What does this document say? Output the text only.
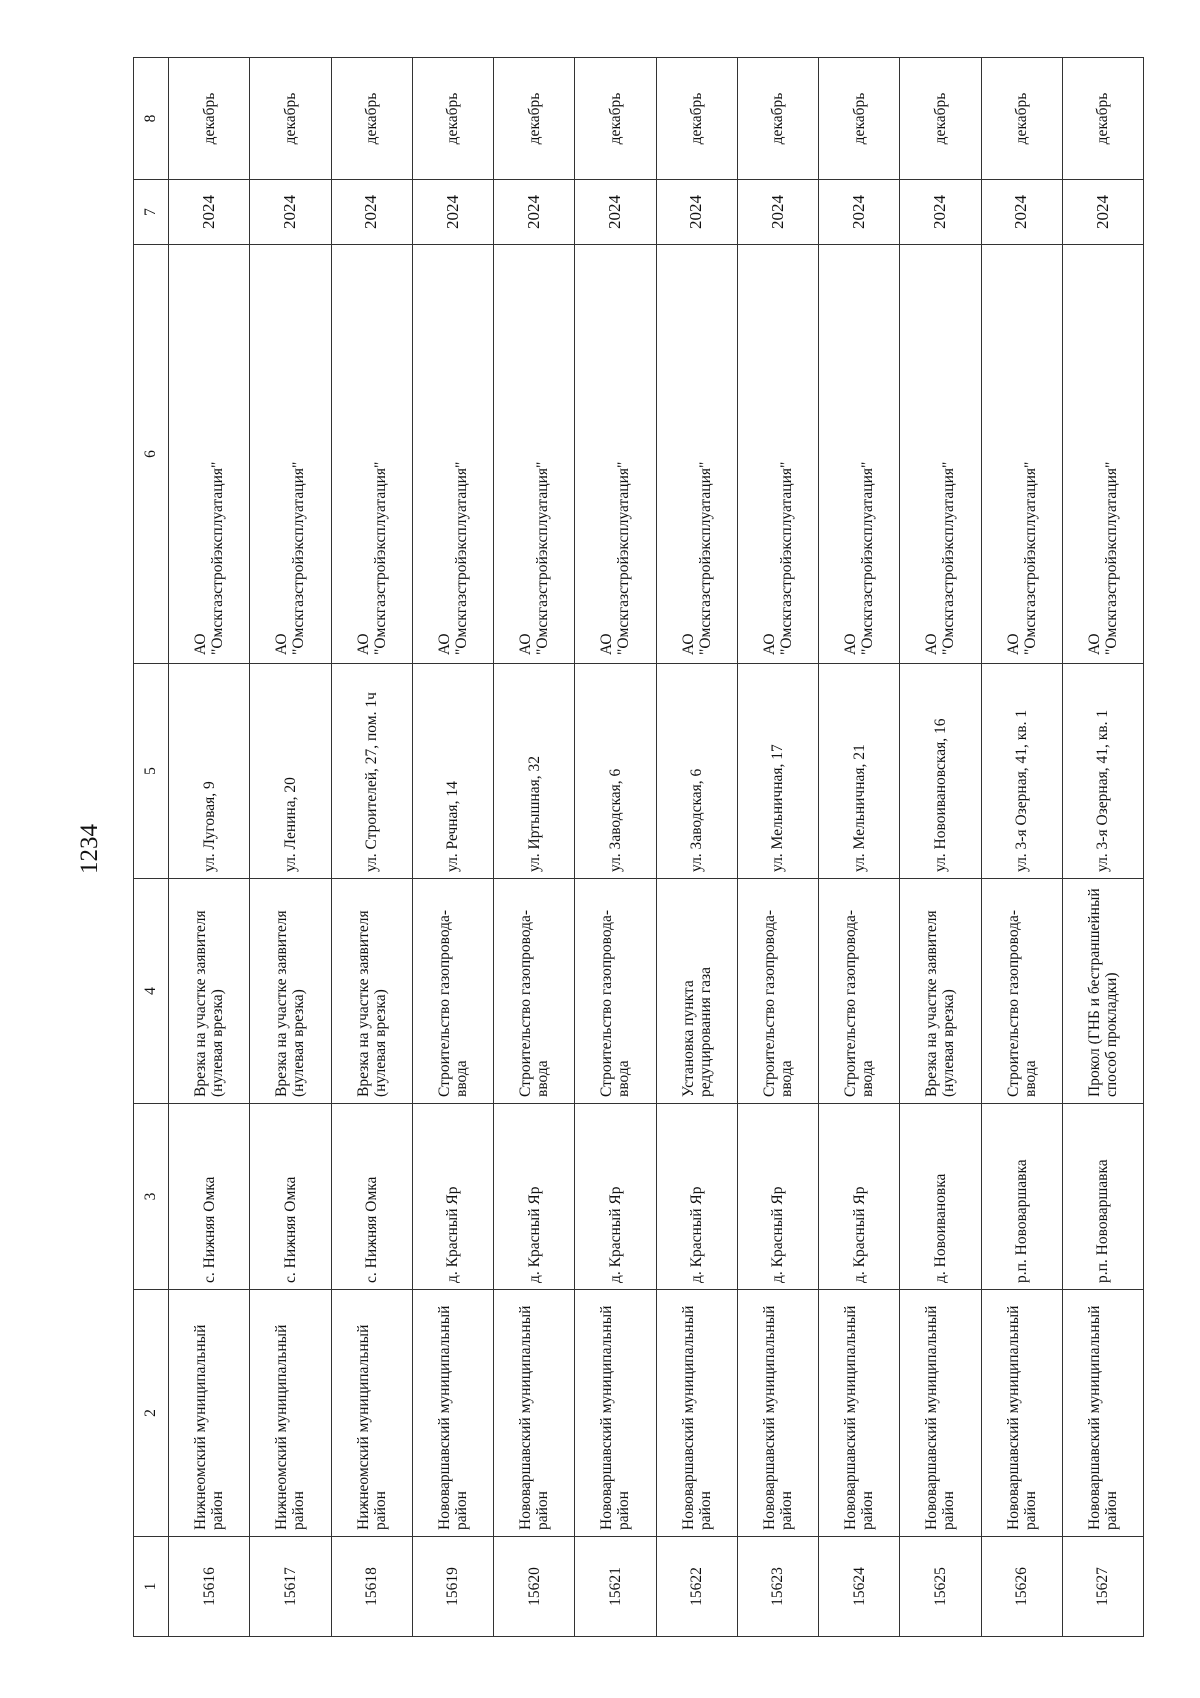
1234
1	2	3	4	5	6	7	8
15616	Нижнеомский муниципальный район	с. Нижняя Омка	Врезка на участке заявителя (нулевая врезка)	ул. Луговая, 9	АО "Омскгазстройэксплуатация"	2024	декабрь
15617	Нижнеомский муниципальный район	с. Нижняя Омка	Врезка на участке заявителя (нулевая врезка)	ул. Ленина, 20	АО "Омскгазстройэксплуатация"	2024	декабрь
15618	Нижнеомский муниципальный район	с. Нижняя Омка	Врезка на участке заявителя (нулевая врезка)	ул. Строителей, 27, пом. 1ч	АО "Омскгазстройэксплуатация"	2024	декабрь
15619	Нововаршавский муниципальный район	д. Красный Яр	Строительство газопровода-ввода	ул. Речная, 14	АО "Омскгазстройэксплуатация"	2024	декабрь
15620	Нововаршавский муниципальный район	д. Красный Яр	Строительство газопровода-ввода	ул. Иртышная, 32	АО "Омскгазстройэксплуатация"	2024	декабрь
15621	Нововаршавский муниципальный район	д. Красный Яр	Строительство газопровода-ввода	ул. Заводская, 6	АО "Омскгазстройэксплуатация"	2024	декабрь
15622	Нововаршавский муниципальный район	д. Красный Яр	Установка пункта редуцирования газа	ул. Заводская, 6	АО "Омскгазстройэксплуатация"	2024	декабрь
15623	Нововаршавский муниципальный район	д. Красный Яр	Строительство газопровода-ввода	ул. Мельничная, 17	АО "Омскгазстройэксплуатация"	2024	декабрь
15624	Нововаршавский муниципальный район	д. Красный Яр	Строительство газопровода-ввода	ул. Мельничная, 21	АО "Омскгазстройэксплуатация"	2024	декабрь
15625	Нововаршавский муниципальный район	д. Новоивановка	Врезка на участке заявителя (нулевая врезка)	ул. Новоивановская, 16	АО "Омскгазстройэксплуатация"	2024	декабрь
15626	Нововаршавский муниципальный район	р.п. Нововаршавка	Строительство газопровода-ввода	ул. 3-я Озерная, 41, кв. 1	АО "Омскгазстройэксплуатация"	2024	декабрь
15627	Нововаршавский муниципальный район	р.п. Нововаршавка	Прокол (ГНБ и бестраншейный способ прокладки)	ул. 3-я Озерная, 41, кв. 1	АО "Омскгазстройэксплуатация"	2024	декабрь
